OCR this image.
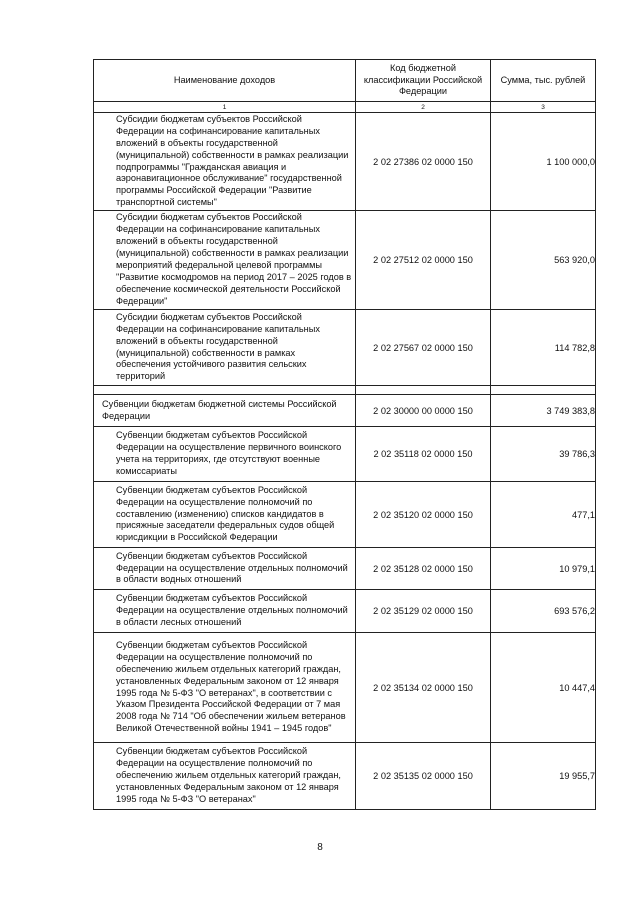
Наименование доходов	Код бюджетной классификации Российской Федерации	Сумма, тыс. рублей
1	2	3

Субсидии бюджетам субъектов Российской Федерации на софинансирование капитальных вложений в объекты государственной (муниципальной) собственности в рамках реализации подпрограммы "Гражданская авиация и аэронавигационное обслуживание" государственной программы Российской Федерации "Развитие транспортной системы"	2 02 27386 02 0000 150	1 100 000,0

Субсидии бюджетам субъектов Российской Федерации на софинансирование капитальных вложений в объекты государственной (муниципальной) собственности в рамках реализации мероприятий федеральной целевой программы "Развитие космодромов на период 2017 – 2025 годов в обеспечение космической деятельности Российской Федерации"	2 02 27512 02 0000 150	563 920,0

Субсидии бюджетам субъектов Российской Федерации на софинансирование капитальных вложений в объекты государственной (муниципальной) собственности в рамках обеспечения устойчивого развития сельских территорий	2 02 27567 02 0000 150	114 782,8

Субвенции бюджетам бюджетной системы Российской Федерации	2 02 30000 00 0000 150	3 749 383,8

Субвенции бюджетам субъектов Российской Федерации на осуществление первичного воинского учета на территориях, где отсутствуют военные комиссариаты	2 02 35118 02 0000 150	39 786,3

Субвенции бюджетам субъектов Российской Федерации на осуществление полномочий по составлению (изменению) списков кандидатов в присяжные заседатели федеральных судов общей юрисдикции в Российской Федерации	2 02 35120 02 0000 150	477,1

Субвенции бюджетам субъектов Российской Федерации на осуществление отдельных полномочий в области водных отношений	2 02 35128 02 0000 150	10 979,1

Субвенции бюджетам субъектов Российской Федерации на осуществление отдельных полномочий в области лесных отношений	2 02 35129 02 0000 150	693 576,2

Субвенции бюджетам субъектов Российской Федерации на осуществление полномочий по обеспечению жильем отдельных категорий граждан, установленных Федеральным законом от 12 января 1995 года № 5-ФЗ "О ветеранах", в соответствии с Указом Президента Российской Федерации от 7 мая 2008 года № 714 "Об обеспечении жильем ветеранов Великой Отечественной войны 1941 – 1945 годов"	2 02 35134 02 0000 150	10 447,4

Субвенции бюджетам субъектов Российской Федерации на осуществление полномочий по обеспечению жильем отдельных категорий граждан, установленных Федеральным законом от 12 января 1995 года № 5-ФЗ "О ветеранах"	2 02 35135 02 0000 150	19 955,7
8
